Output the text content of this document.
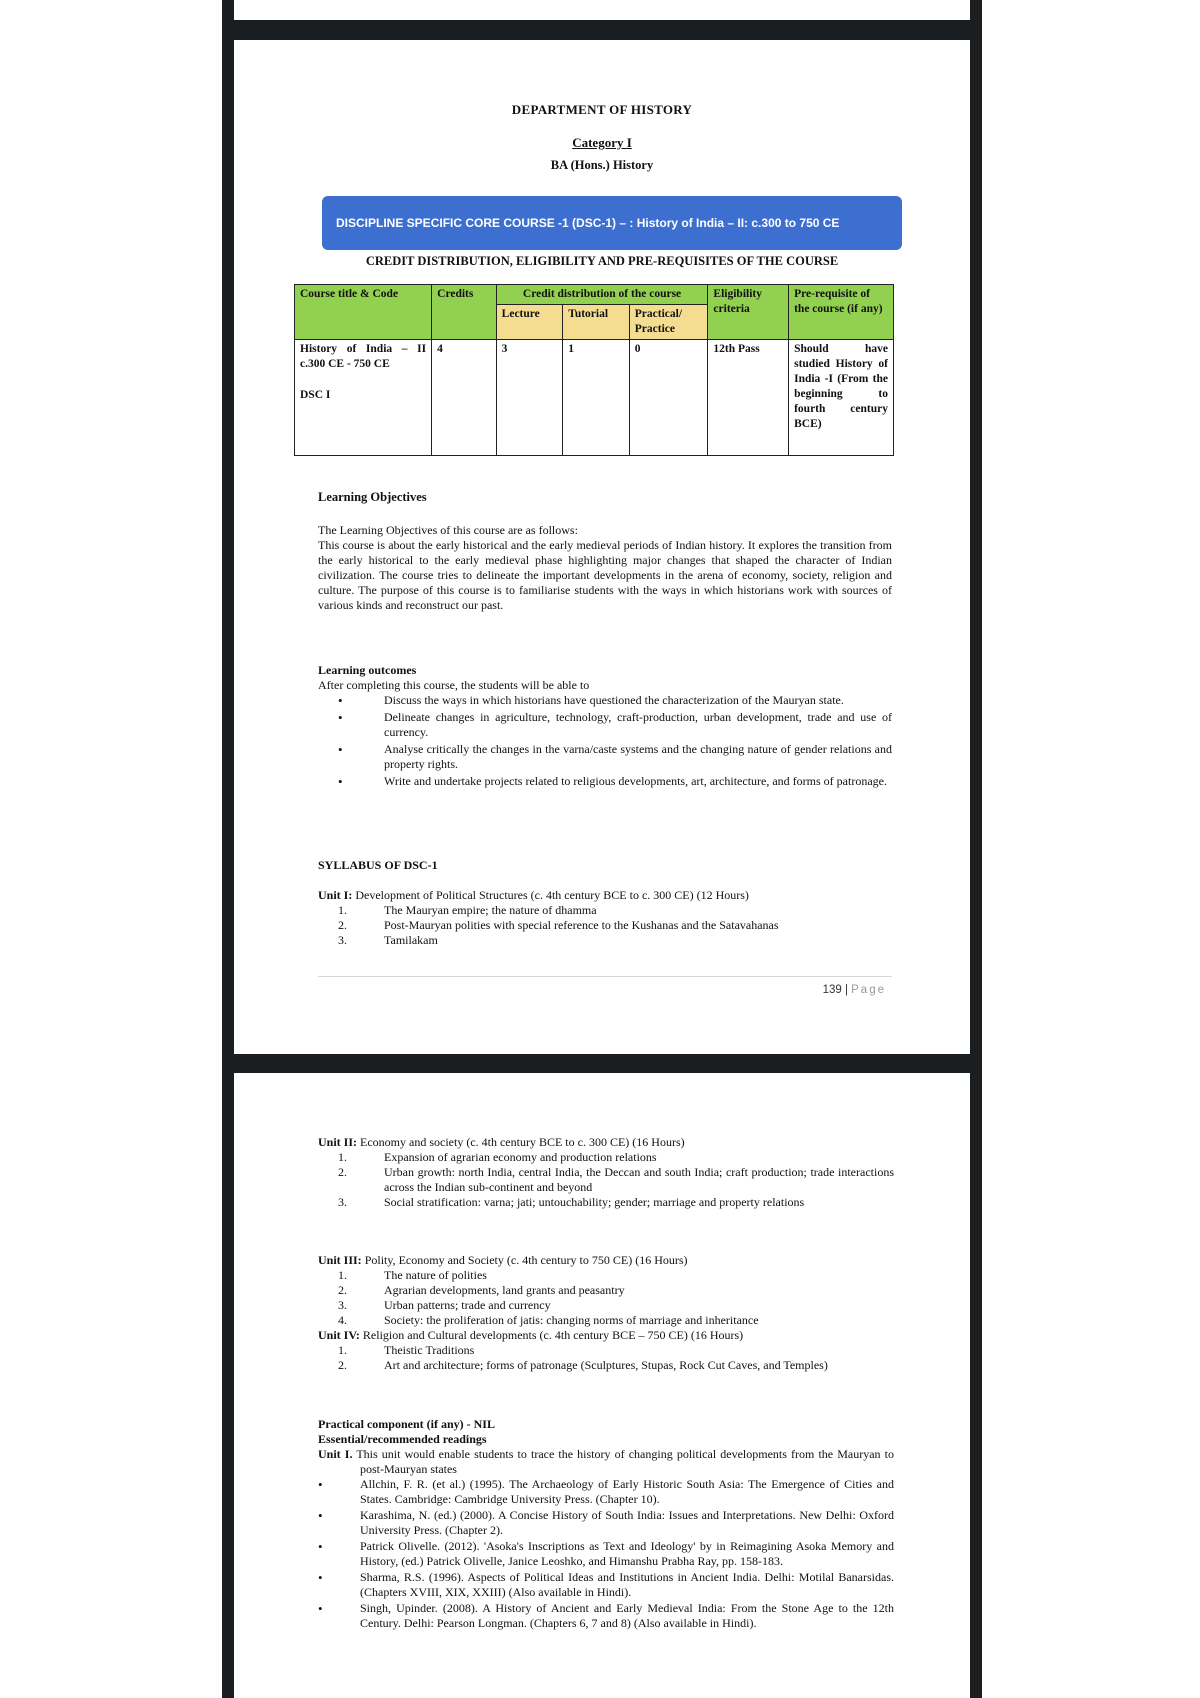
DEPARTMENT OF HISTORY
Category I
BA (Hons.) History
DISCIPLINE SPECIFIC CORE COURSE -1 (DSC-1) – : History of India – II: c.300 to 750 CE
CREDIT DISTRIBUTION, ELIGIBILITY AND PRE-REQUISITES OF THE COURSE
Course title & Code	Credits	Credit distribution of the course			Eligibility criteria	Pre-requisite of the course (if any)
		Lecture	Tutorial	Practical/ Practice		

History of India – II c.300 CE - 750 CE
DSC I	4	3	1	0	12th Pass	Should have studied History of India -I (From the beginning to fourth century BCE)
Learning Objectives
The Learning Objectives of this course are as follows:
This course is about the early historical and the early medieval periods of Indian history. It explores the transition from the early historical to the early medieval phase highlighting major changes that shaped the character of Indian civilization. The course tries to delineate the important developments in the arena of economy, society, religion and culture. The purpose of this course is to familiarise students with the ways in which historians work with sources of various kinds and reconstruct our past.
Learning outcomes
After completing this course, the students will be able to
• Discuss the ways in which historians have questioned the characterization of the Mauryan state.
• Delineate changes in agriculture, technology, craft-production, urban development, trade and use of currency.
• Analyse critically the changes in the varna/caste systems and the changing nature of gender relations and property rights.
• Write and undertake projects related to religious developments, art, architecture, and forms of patronage.
SYLLABUS OF DSC-1
Unit I: Development of Political Structures (c. 4th century BCE to c. 300 CE) (12 Hours)
1.	The Mauryan empire; the nature of dhamma
2.	Post-Mauryan polities with special reference to the Kushanas and the Satavahanas
3.	Tamilakam
139 | Page
Unit II: Economy and society (c. 4th century BCE to c. 300 CE) (16 Hours)
1.	Expansion of agrarian economy and production relations
2.	Urban growth: north India, central India, the Deccan and south India; craft production; trade interactions across the Indian sub-continent and beyond
3.	Social stratification: varna; jati; untouchability; gender; marriage and property relations
Unit III: Polity, Economy and Society (c. 4th century to 750 CE) (16 Hours)
1.	The nature of polities
2.	Agrarian developments, land grants and peasantry
3.	Urban patterns; trade and currency
4.	Society: the proliferation of jatis: changing norms of marriage and inheritance
Unit IV: Religion and Cultural developments (c. 4th century BCE – 750 CE) (16 Hours)
1.	Theistic Traditions
2.	Art and architecture; forms of patronage (Sculptures, Stupas, Rock Cut Caves, and Temples)
Practical component (if any) - NIL
Essential/recommended readings
Unit I. This unit would enable students to trace the history of changing political developments from the Mauryan to post-Mauryan states
• Allchin, F. R. (et al.) (1995). The Archaeology of Early Historic South Asia: The Emergence of Cities and States. Cambridge: Cambridge University Press. (Chapter 10).
• Karashima, N. (ed.) (2000). A Concise History of South India: Issues and Interpretations. New Delhi: Oxford University Press. (Chapter 2).
• Patrick Olivelle. (2012). 'Asoka's Inscriptions as Text and Ideology' by in Reimagining Asoka Memory and History, (ed.) Patrick Olivelle, Janice Leoshko, and Himanshu Prabha Ray, pp. 158-183.
• Sharma, R.S. (1996). Aspects of Political Ideas and Institutions in Ancient India. Delhi: Motilal Banarsidas. (Chapters XVIII, XIX, XXIII) (Also available in Hindi).
• Singh, Upinder. (2008). A History of Ancient and Early Medieval India: From the Stone Age to the 12th Century. Delhi: Pearson Longman. (Chapters 6, 7 and 8) (Also available in Hindi).
